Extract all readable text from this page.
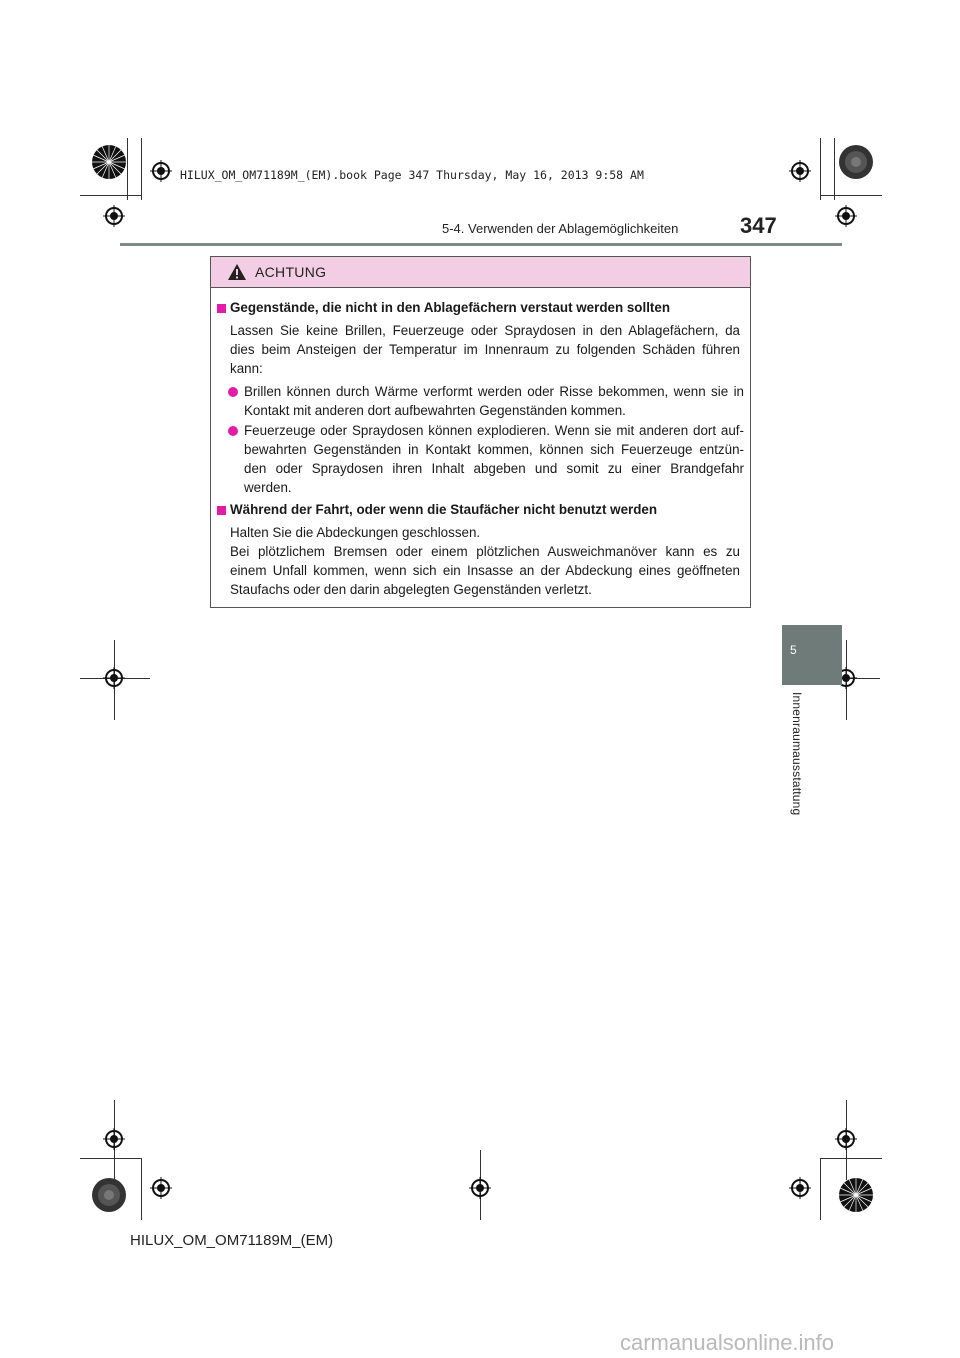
HILUX_OM_OM71189M_(EM).book Page 347 Thursday, May 16, 2013 9:58 AM
5-4. Verwenden der Ablagemöglichkeiten	347
5
Innenraumausstattung
ACHTUNG
Gegenstände, die nicht in den Ablagefächern verstaut werden sollten
Lassen Sie keine Brillen, Feuerzeuge oder Spraydosen in den Ablagefächern, da
dies beim Ansteigen der Temperatur im Innenraum zu folgenden Schäden führen
kann:
Brillen können durch Wärme verformt werden oder Risse bekommen, wenn sie in
Kontakt mit anderen dort aufbewahrten Gegenständen kommen.
Feuerzeuge oder Spraydosen können explodieren. Wenn sie mit anderen dort auf-
bewahrten Gegenständen in Kontakt kommen, können sich Feuerzeuge entzün-
den oder Spraydosen ihren Inhalt abgeben und somit zu einer Brandgefahr
werden.
Während der Fahrt, oder wenn die Staufächer nicht benutzt werden
Halten Sie die Abdeckungen geschlossen.
Bei plötzlichem Bremsen oder einem plötzlichen Ausweichmanöver kann es zu
einem Unfall kommen, wenn sich ein Insasse an der Abdeckung eines geöffneten
Staufachs oder den darin abgelegten Gegenständen verletzt.
HILUX_OM_OM71189M_(EM)
carmanualsonline.info
